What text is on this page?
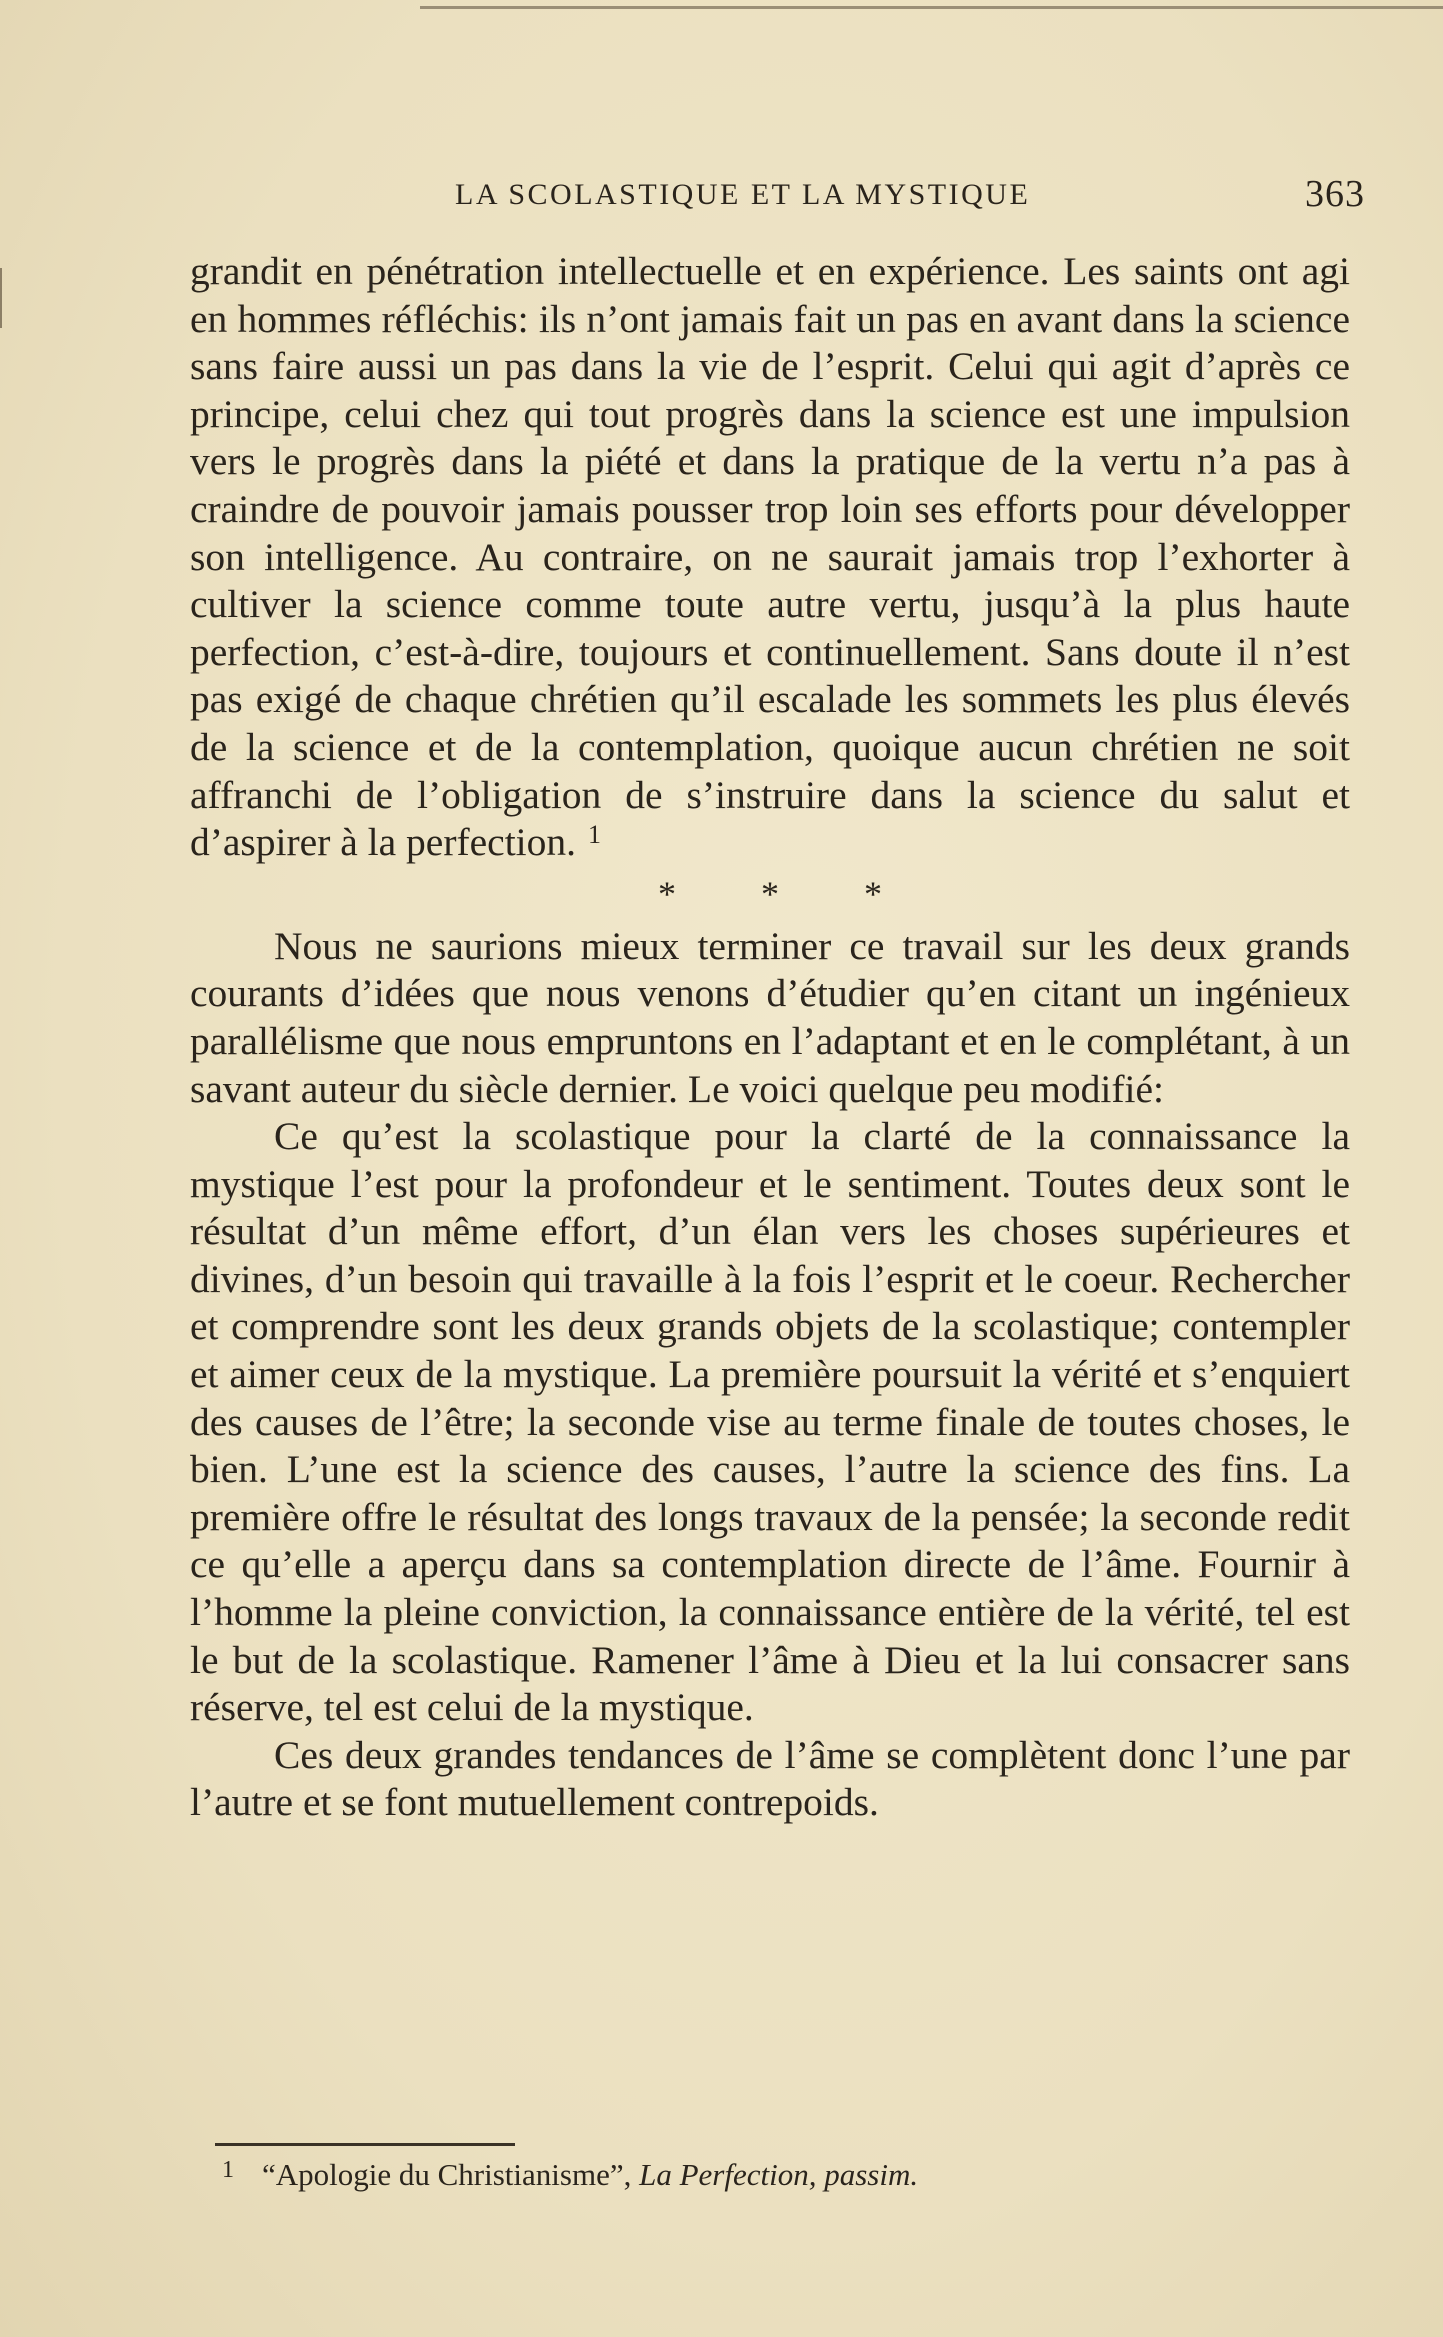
LA SCOLASTIQUE ET LA MYSTIQUE	363

grandit en pénétration intellectuelle et en expérience. Les saints ont agi en hommes réfléchis: ils n’ont jamais fait un pas en avant dans la science sans faire aussi un pas dans la vie de l’esprit. Celui qui agit d’après ce principe, celui chez qui tout progrès dans la science est une impulsion vers le progrès dans la piété et dans la pratique de la vertu n’a pas à craindre de pouvoir jamais pousser trop loin ses efforts pour développer son intelligence. Au contraire, on ne saurait jamais trop l’exhorter à cultiver la science comme toute autre vertu, jusqu’à la plus haute perfection, c’est-à-dire, toujours et continuellement. Sans doute il n’est pas exigé de chaque chrétien qu’il escalade les sommets les plus élevés de la science et de la contemplation, quoique aucun chrétien ne soit affranchi de l’obligation de s’instruire dans la science du salut et d’aspirer à la perfection. $^1$

* * *

Nous ne saurions mieux terminer ce travail sur les deux grands courants d’idées que nous venons d’étudier qu’en citant un ingénieux parallélisme que nous empruntons en l’adaptant et en le complétant, à un savant auteur du siècle dernier. Le voici quelque peu modifié:

Ce qu’est la scolastique pour la clarté de la connaissance la mystique l’est pour la profondeur et le sentiment. Toutes deux sont le résultat d’un même effort, d’un élan vers les choses supérieures et divines, d’un besoin qui travaille à la fois l’esprit et le coeur. Rechercher et comprendre sont les deux grands objets de la scolastique; contempler et aimer ceux de la mystique. La première poursuit la vérité et s’enquiert des causes de l’être; la seconde vise au terme finale de toutes choses, le bien. L’une est la science des causes, l’autre la science des fins. La première offre le résultat des longs travaux de la pensée; la seconde redit ce qu’elle a aperçu dans sa contemplation directe de l’âme. Fournir à l’homme la pleine conviction, la connaissance entière de la vérité, tel est le but de la scolastique. Ramener l’âme à Dieu et la lui consacrer sans réserve, tel est celui de la mystique.

Ces deux grandes tendances de l’âme se complètent donc l’une par l’autre et se font mutuellement contrepoids.

$^1$ “Apologie du Christianisme”, La Perfection, passim.
